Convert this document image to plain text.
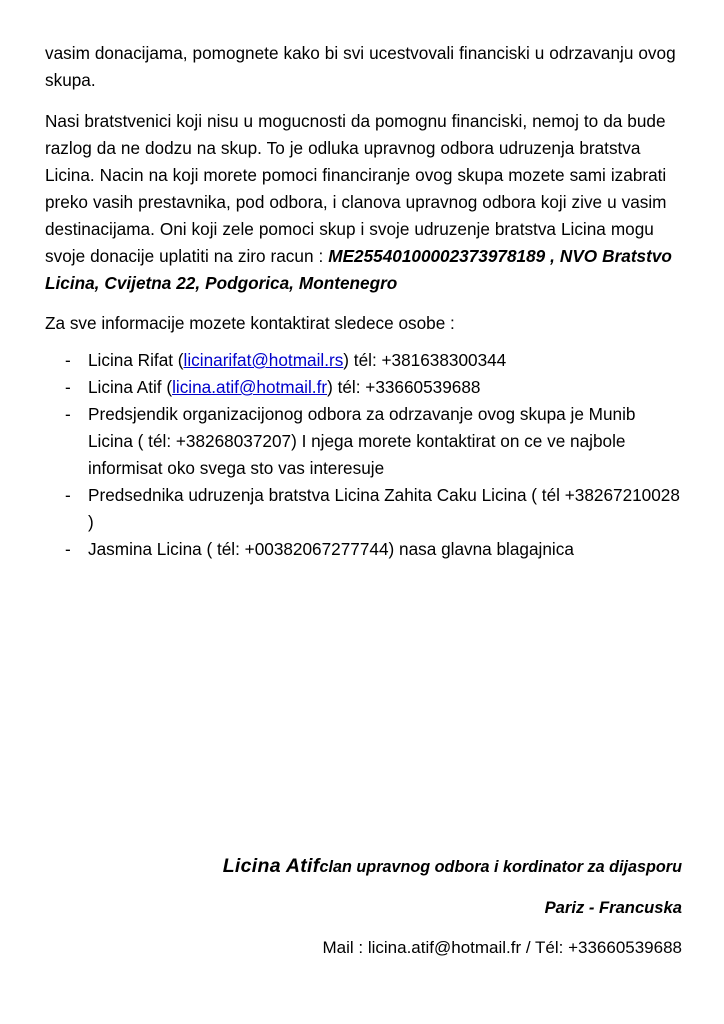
vasim donacijama, pomognete kako bi svi ucestvovali financiski u odrzavanju ovog skupa.

Nasi bratstvenici koji nisu u mogucnosti da pomognu financiski, nemoj to da bude razlog da ne dodzu na skup. To je odluka upravnog odbora udruzenja bratstva Licina. Nacin na koji morete pomoci financiranje ovog skupa mozete sami izabrati preko vasih prestavnika, pod odbora, i clanova upravnog odbora koji zive u vasim destinacijama. Oni koji zele pomoci skup i svoje udruzenje bratstva Licina mogu svoje donacije uplatiti na ziro racun : ME25540100002373978189 , NVO Bratstvo Licina, Cvijetna 22, Podgorica, Montenegro

Za sve informacije mozete kontaktirat sledece osobe :

- Licina Rifat (licinarifat@hotmail.rs) tél: +381638300344
- Licina Atif (licina.atif@hotmail.fr) tél: +33660539688
- Predsjendik organizacijonog odbora za odrzavanje ovog skupa je Munib Licina ( tél: +38268037207) I njega morete kontaktirat on ce ve najbole informisat oko svega sto vas interesuje
- Predsednika udruzenja bratstva Licina Zahita Caku Licina ( tél +38267210028 )
- Jasmina Licina ( tél: +00382067277744) nasa glavna blagajnica
Licina Atifclan upravnog odbora i kordinator za dijasporu
Pariz - Francuska
Mail : licina.atif@hotmail.fr / Tél: +33660539688
